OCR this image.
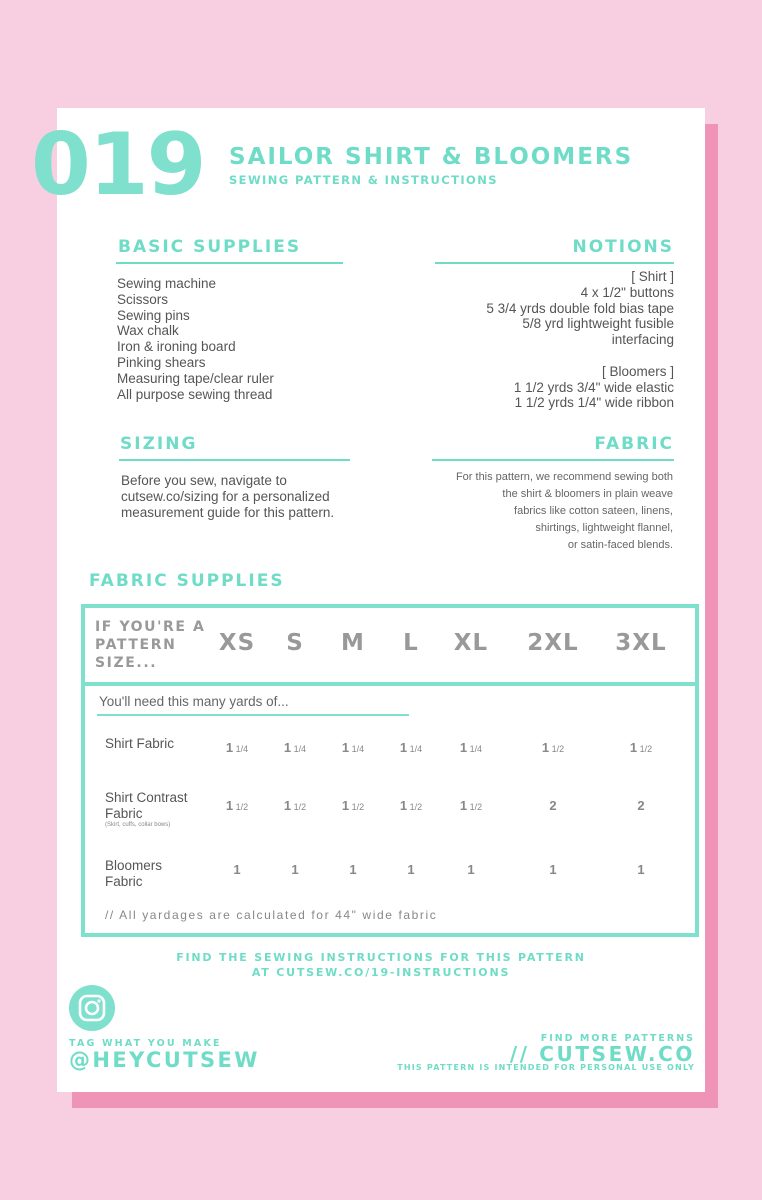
019 SAILOR SHIRT & BLOOMERS
SEWING PATTERN & INSTRUCTIONS
BASIC SUPPLIES
Sewing machine
Scissors
Sewing pins
Wax chalk
Iron & ironing board
Pinking shears
Measuring tape/clear ruler
All purpose sewing thread
NOTIONS
[ Shirt ]
4 x 1/2" buttons
5 3/4 yrds double fold bias tape
5/8 yrd lightweight fusible
interfacing

[ Bloomers ]
1 1/2 yrds 3/4" wide elastic
1 1/2 yrds 1/4" wide ribbon
SIZING
Before you sew, navigate to
cutsew.co/sizing for a personalized
measurement guide for this pattern.
FABRIC
For this pattern, we recommend sewing both
the shirt & bloomers in plain weave
fabrics like cotton sateen, linens,
shirtings, lightweight flannel,
or satin-faced blends.
FABRIC SUPPLIES
IF YOU'RE A
PATTERN
SIZE...
You'll need this many yards of...
// All yardages are calculated for 44" wide fabric
XS	S	M	L	XL	2XL	3XL
Shirt Fabric	1 1/4	1 1/4	1 1/4	1 1/4	1 1/4	1 1/2	1 1/2
Shirt Contrast
Fabric
(Skirt, cuffs, collar bows)
1 1/2	1 1/2	1 1/2	1 1/2	1 1/2	2	2
Bloomers
Fabric
1	1	1	1	1	1	1
FIND THE SEWING INSTRUCTIONS FOR THIS PATTERN
AT CUTSEW.CO/19-INSTRUCTIONS
TAG WHAT YOU MAKE
@HEYCUTSEW
FIND MORE PATTERNS
// CUTSEW.CO
THIS PATTERN IS INTENDED FOR PERSONAL USE ONLY
